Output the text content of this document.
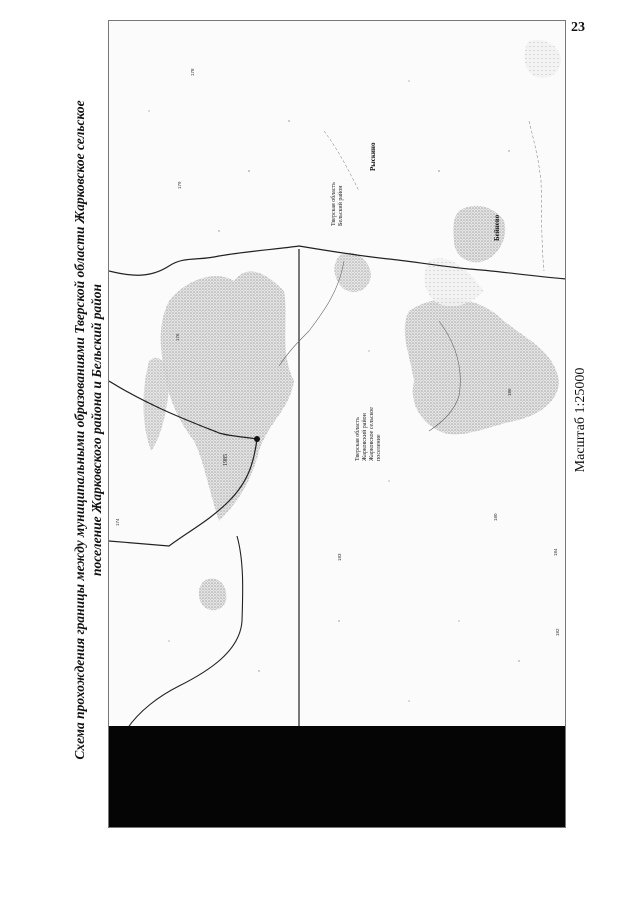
23
Схема прохождения границы между муниципальными образованиями Тверской области Жарковское сельское поселение Жарковского района и Бельский район	1985
Тверская область Бельский район
Тверская область Жарковский район Жарковское сельское поселение
Рыскино
Бейнево
178
176
183
174
180
182
184
186
179
Масштаб 1:25000
